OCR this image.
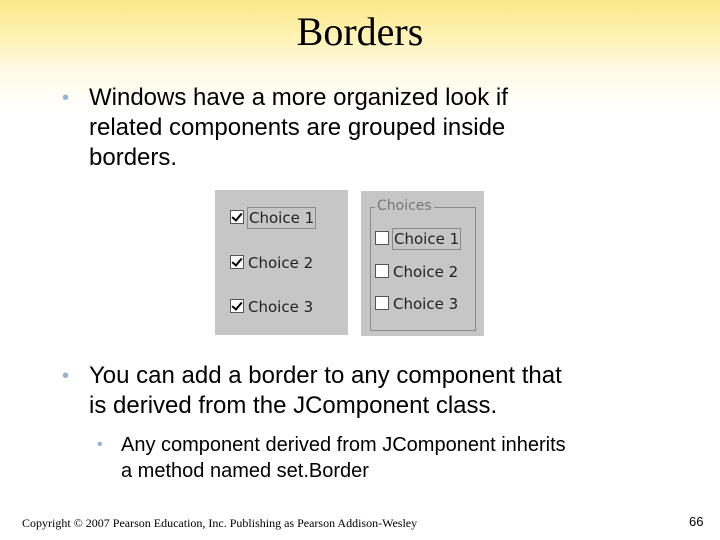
Borders
• Windows have a more organized look if
related components are grouped inside
borders.
Choice 1
Choice 2
Choice 3
Choices
Choice 1
Choice 2
Choice 3
• You can add a border to any component that
is derived from the JComponent class.
• Any component derived from JComponent inherits
a method named set.Border
Copyright © 2007 Pearson Education, Inc. Publishing as Pearson Addison-Wesley	66
